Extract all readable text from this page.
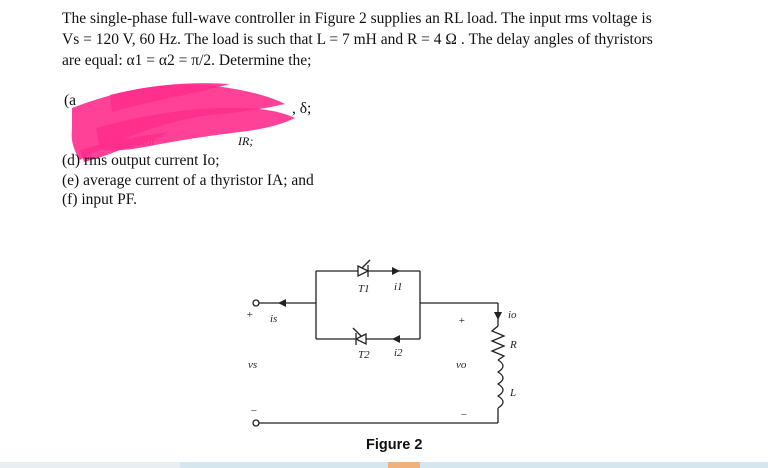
The single-phase full-wave controller in Figure 2 supplies an RL load. The input rms voltage is

Vs = 120 V, 60 Hz. The load is such that L = 7 mH and R = 4 Ω . The delay angles of thyristors

are equal: α1 = α2 = π/2. Determine the;

(a	, δ;
IR;
(d) rms output current Io;
(e) average current of a thyristor IA; and
(f) input PF.
+ is
vs
−
T1 i1
T2 i2
+
vo
−
io
R
L
Figure 2
